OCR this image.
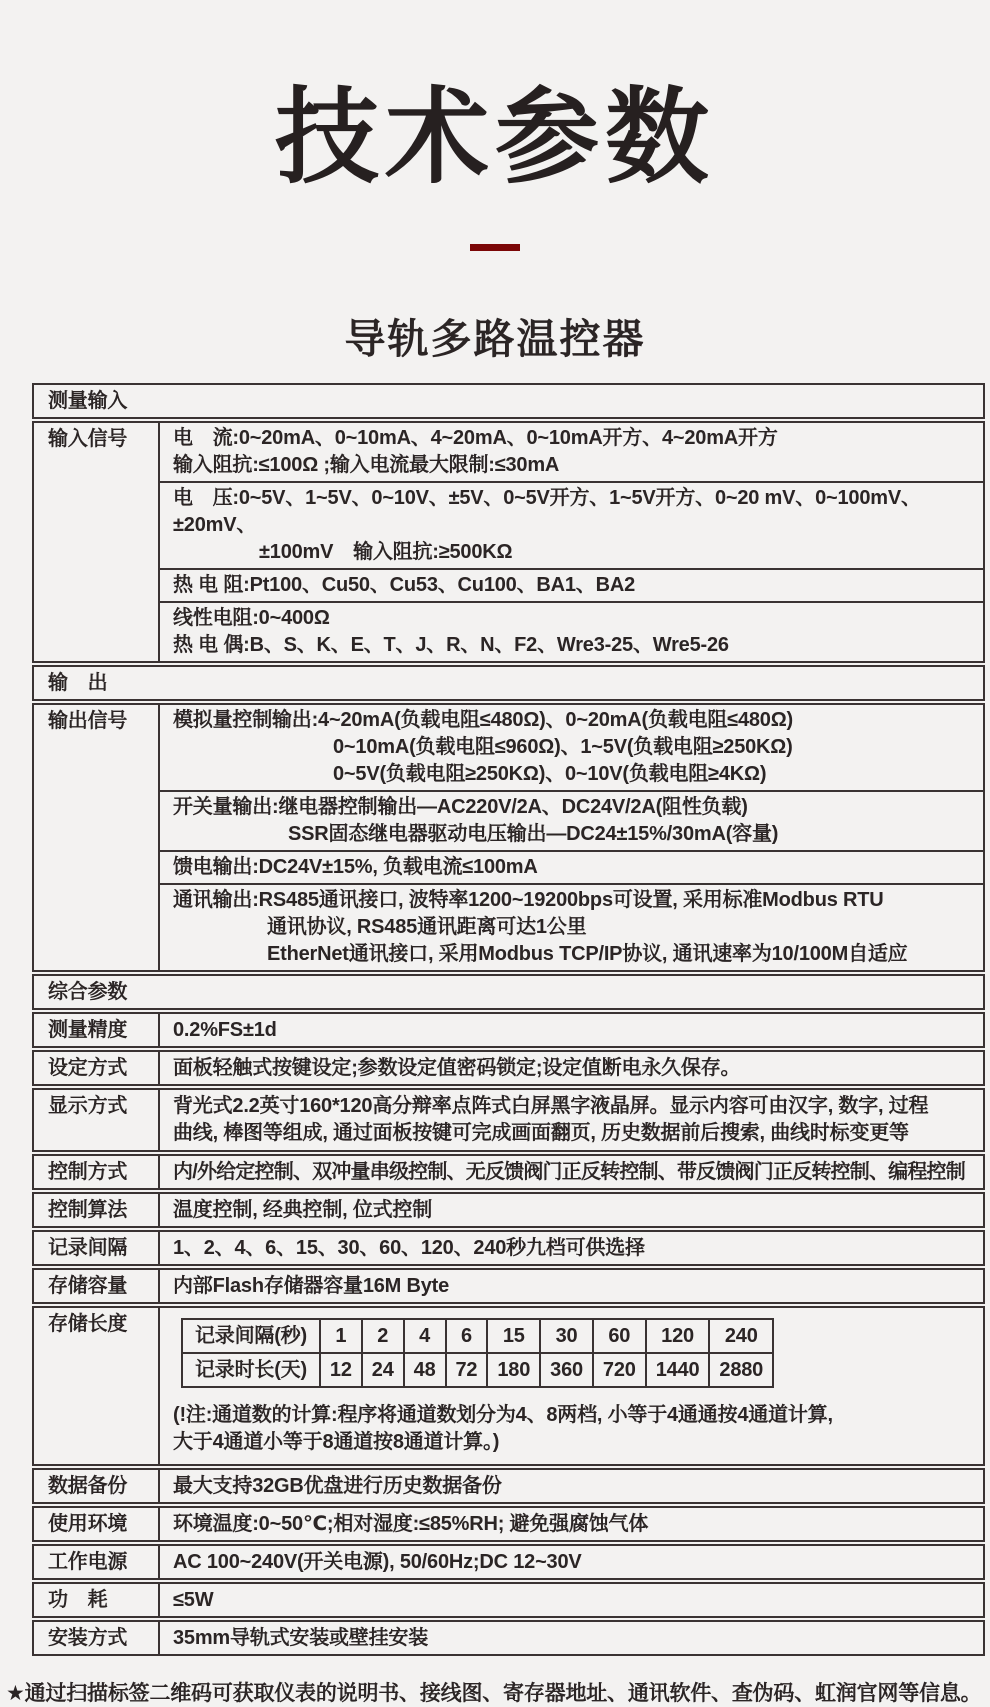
技术参数
导轨多路温控器
测量输入
输入信号	电　流:0~20mA、0~10mA、4~20mA、0~10mA开方、4~20mA开方
输入阻抗:≤100Ω ;输入电流最大限制:≤30mA
电　压:0~5V、1~5V、0~10V、±5V、0~5V开方、1~5V开方、0~20 mV、0~100mV、±20mV、
±100mV　输入阻抗:≥500KΩ
热 电 阻:Pt100、Cu50、Cu53、Cu100、BA1、BA2
线性电阻:0~400Ω
热 电 偶:B、S、K、E、T、J、R、N、F2、Wre3-25、Wre5-26
输　出
输出信号	模拟量控制输出:4~20mA(负载电阻≤480Ω)、0~20mA(负载电阻≤480Ω)
0~10mA(负载电阻≤960Ω)、1~5V(负载电阻≥250KΩ)
0~5V(负载电阻≥250KΩ)、0~10V(负载电阻≥4KΩ)
开关量输出:继电器控制输出—AC220V/2A、DC24V/2A(阻性负载)
SSR固态继电器驱动电压输出—DC24±15%/30mA(容量)
馈电输出:DC24V±15%, 负载电流≤100mA
通讯输出:RS485通讯接口, 波特率1200~19200bps可设置, 采用标准Modbus RTU
通讯协议, RS485通讯距离可达1公里
EtherNet通讯接口, 采用Modbus TCP/IP协议, 通讯速率为10/100M自适应
综合参数
测量精度	0.2%FS±1d
设定方式	面板轻触式按键设定;参数设定值密码锁定;设定值断电永久保存。
显示方式	背光式2.2英寸160*120高分辩率点阵式白屏黑字液晶屏。显示内容可由汉字, 数字, 过程
曲线, 棒图等组成, 通过面板按键可完成画面翻页, 历史数据前后搜索, 曲线时标变更等
控制方式	内/外给定控制、双冲量串级控制、无反馈阀门正反转控制、带反馈阀门正反转控制、编程控制
控制算法	温度控制, 经典控制, 位式控制
记录间隔	1、2、4、6、15、30、60、120、240秒九档可供选择
存储容量	内部Flash存储器容量16M Byte
存储长度
记录间隔(秒)	1	2	4	6	15	30	60	120	240
记录时长(天)	12	24	48	72	180	360	720	1440	2880
(!注:通道数的计算:程序将通道数划分为4、8两档, 小等于4通通按4通道计算,
大于4通道小等于8通道按8通道计算。)
数据备份	最大支持32GB优盘进行历史数据备份
使用环境	环境温度:0~50℃;相对湿度:≤85%RH; 避免强腐蚀气体
工作电源	AC 100~240V(开关电源), 50/60Hz;DC 12~30V
功　耗	≤5W
安装方式	35mm导轨式安装或壁挂安装
★通过扫描标签二维码可获取仪表的说明书、接线图、寄存器地址、通讯软件、查伪码、虹润官网等信息。
